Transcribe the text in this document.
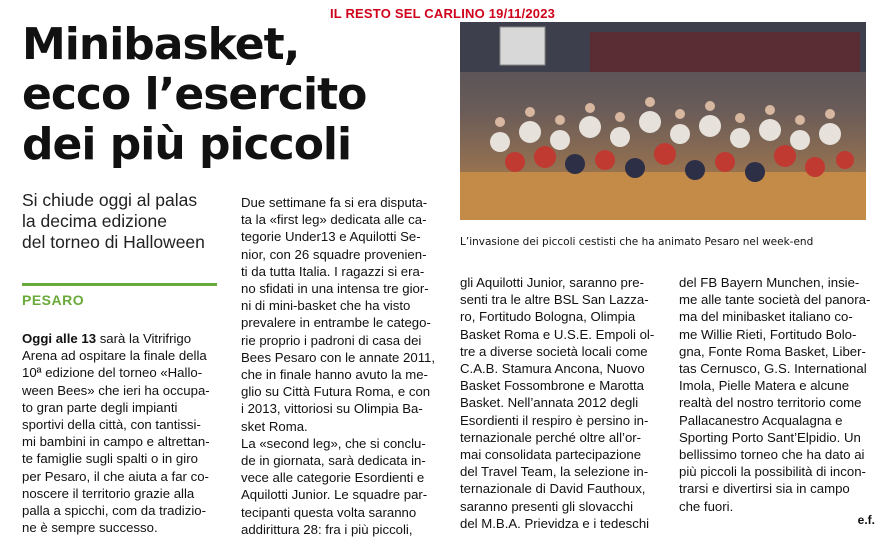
IL RESTO SEL CARLINO 19/11/2023
Minibasket,
ecco l’esercito
dei più piccoli
Si chiude oggi al palas
la decima edizione
del torneo di Halloween
PESARO
Oggi alle 13 sarà la Vitrifrigo
Arena ad ospitare la finale della
10ª edizione del torneo «Hallo-
ween Bees» che ieri ha occupa-
to gran parte degli impianti
sportivi della città, con tantissi-
mi bambini in campo e altrettan-
te famiglie sugli spalti o in giro
per Pesaro, il che aiuta a far co-
noscere il territorio grazie alla
palla a spicchi, com da tradizio-
ne è sempre successo.
Due settimane fa si era disputa-
ta la «first leg» dedicata alle ca-
tegorie Under13 e Aquilotti Se-
nior, con 26 squadre provenien-
ti da tutta Italia. I ragazzi si era-
no sfidati in una intensa tre gior-
ni di mini-basket che ha visto
prevalere in entrambe le catego-
rie proprio i padroni di casa dei
Bees Pesaro con le annate 2011,
che in finale hanno avuto la me-
glio su Città Futura Roma, e con
i 2013, vittoriosi su Olimpia Ba-
sket Roma.
La «second leg», che si conclu-
de in giornata, sarà dedicata in-
vece alle categorie Esordienti e
Aquilotti Junior. Le squadre par-
tecipanti questa volta saranno
addirittura 28: fra i più piccoli,
gli Aquilotti Junior, saranno pre-
senti tra le altre BSL San Lazza-
ro, Fortitudo Bologna, Olimpia
Basket Roma e U.S.E. Empoli ol-
tre a diverse società locali come
C.A.B. Stamura Ancona, Nuovo
Basket Fossombrone e Marotta
Basket. Nell’annata 2012 degli
Esordienti il respiro è persino in-
ternazionale perché oltre all’or-
mai consolidata partecipazione
del Travel Team, la selezione in-
ternazionale di David Fauthoux,
saranno presenti gli slovacchi
del M.B.A. Prievidza e i tedeschi
del FB Bayern Munchen, insie-
me alle tante società del panora-
ma del minibasket italiano co-
me Willie Rieti, Fortitudo Bolo-
gna, Fonte Roma Basket, Liber-
tas Cernusco, G.S. International
Imola, Pielle Matera e alcune
realtà del nostro territorio come
Pallacanestro Acqualagna e
Sporting Porto Sant’Elpidio. Un
bellissimo torneo che ha dato ai
più piccoli la possibilità di incon-
trarsi e divertirsi sia in campo
che fuori.
L’invasione dei piccoli cestisti che ha animato Pesaro nel week-end
e.f.
